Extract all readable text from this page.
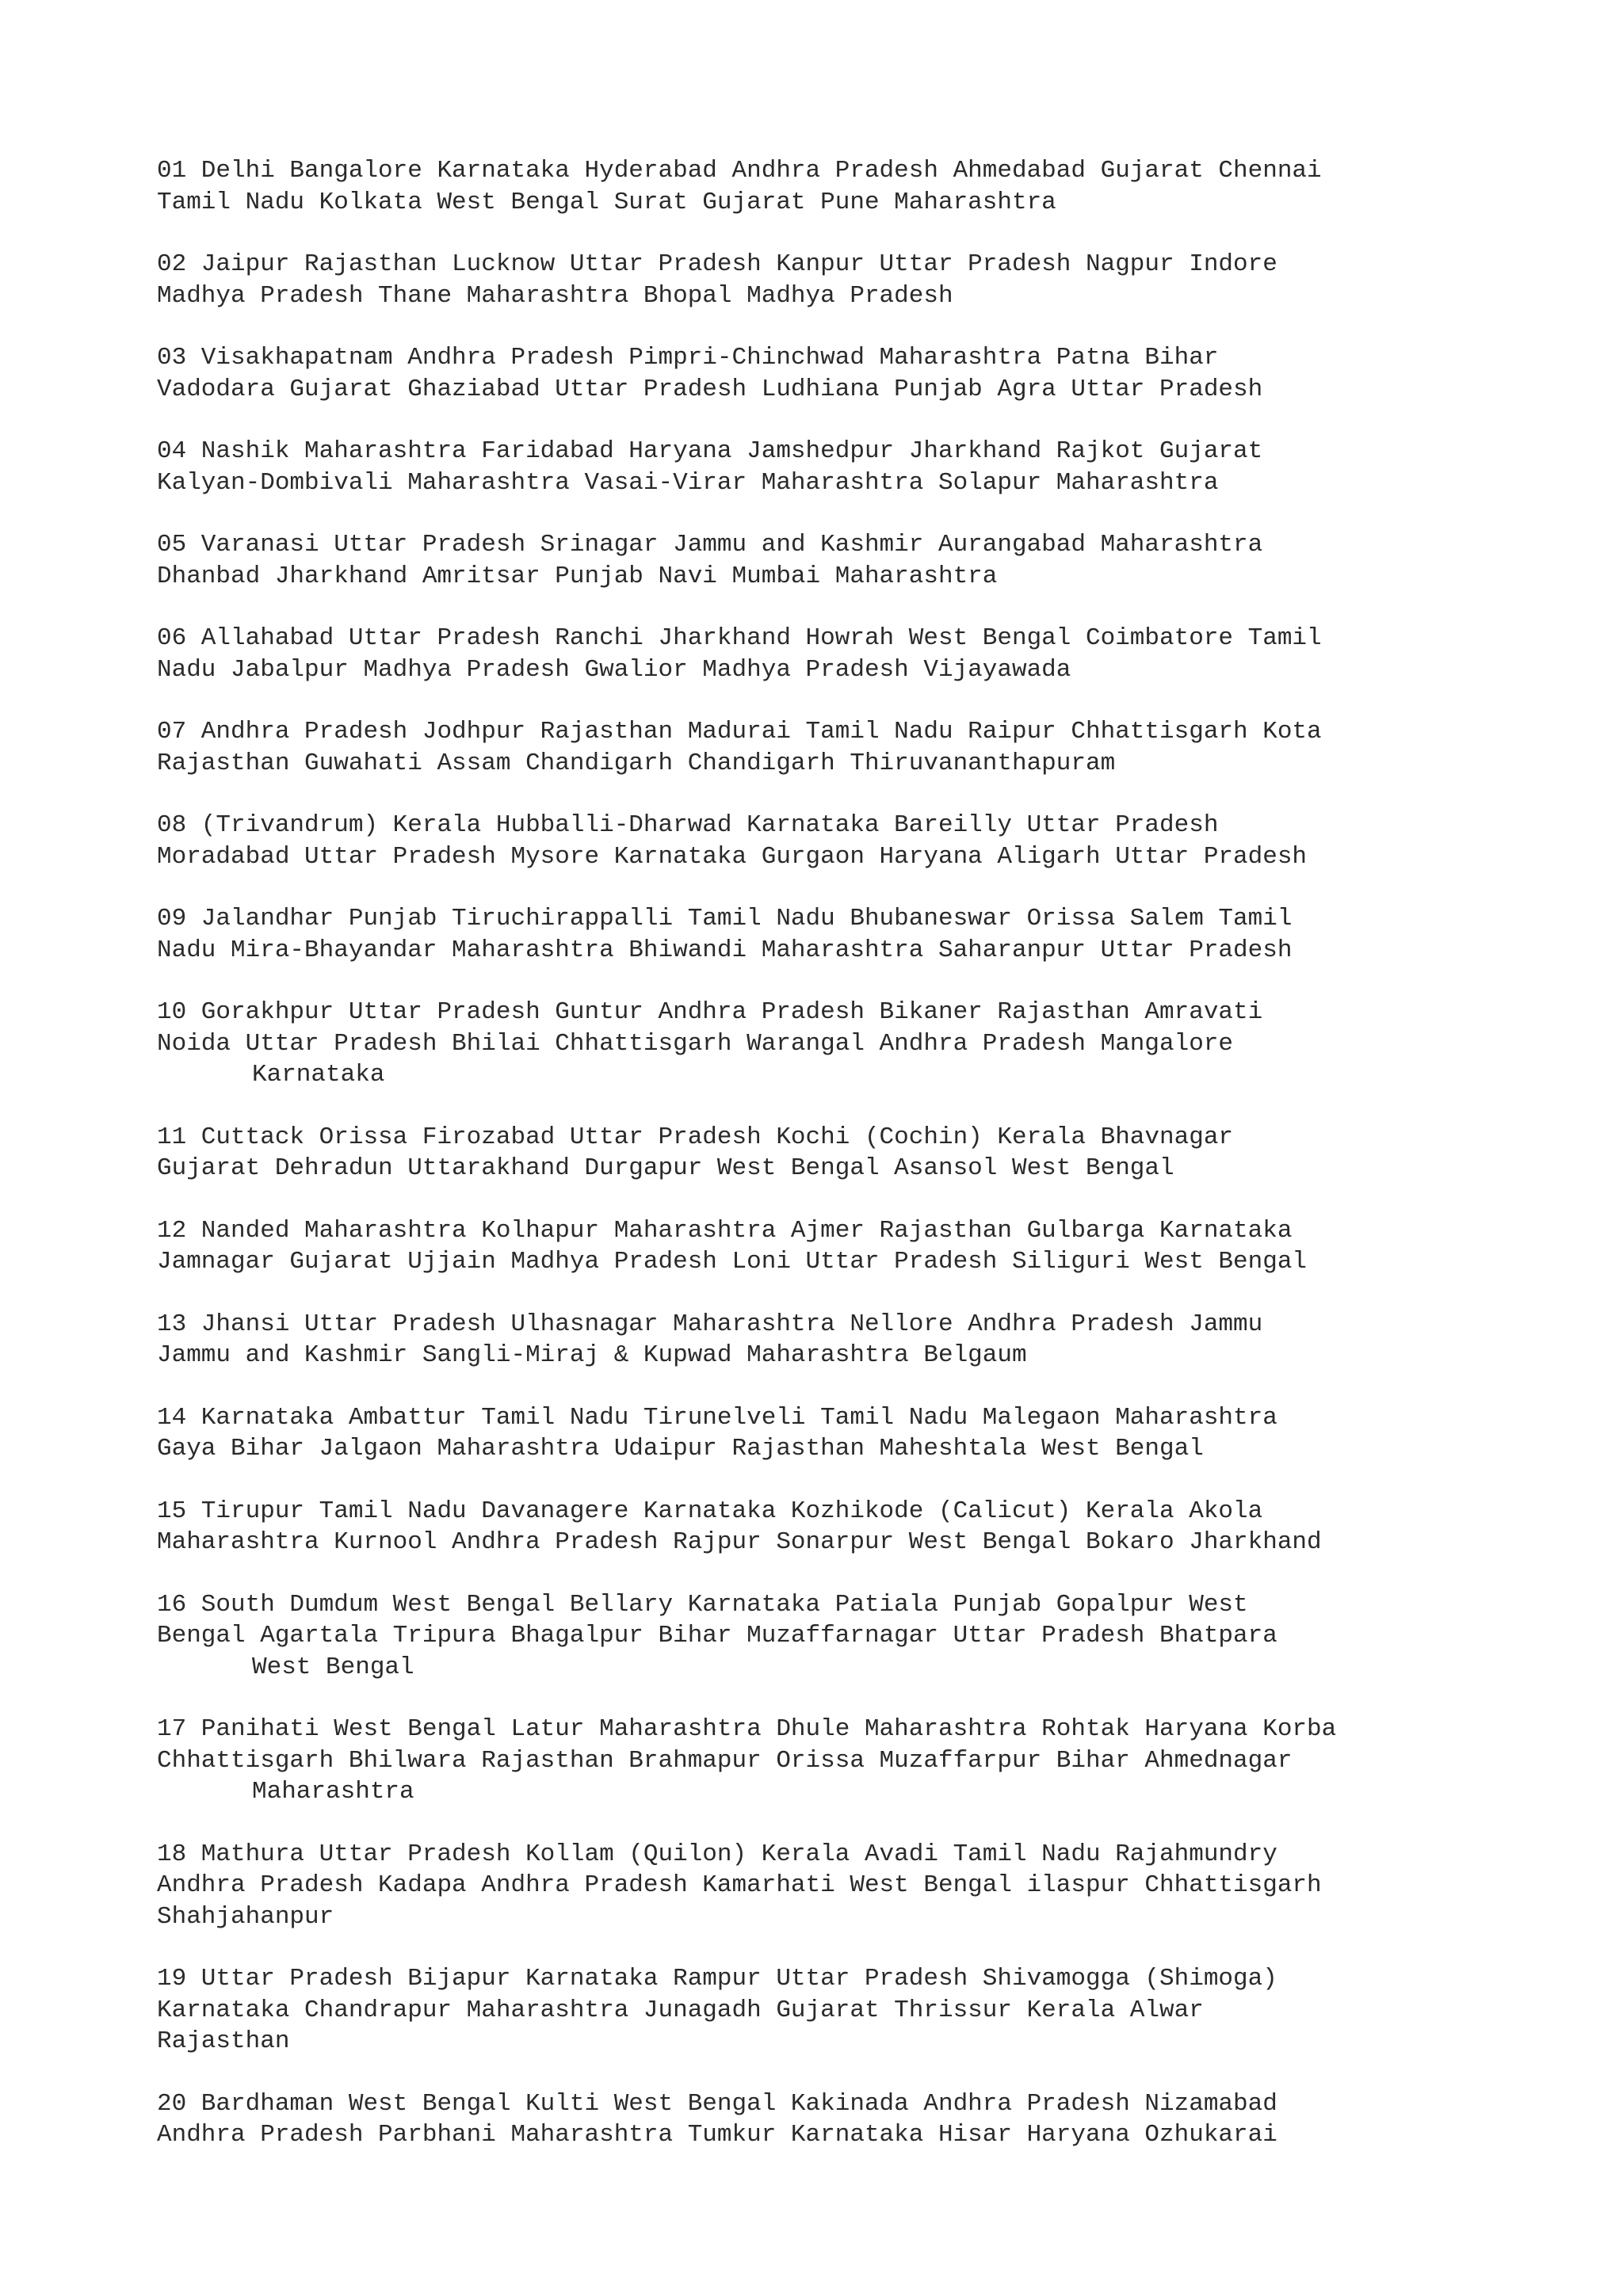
01 Delhi Bangalore Karnataka Hyderabad Andhra Pradesh Ahmedabad Gujarat Chennai
Tamil Nadu Kolkata West Bengal Surat Gujarat Pune Maharashtra
02 Jaipur Rajasthan Lucknow Uttar Pradesh Kanpur Uttar Pradesh Nagpur Indore
Madhya Pradesh Thane Maharashtra Bhopal Madhya Pradesh
03 Visakhapatnam Andhra Pradesh Pimpri-Chinchwad Maharashtra Patna Bihar
Vadodara Gujarat Ghaziabad Uttar Pradesh Ludhiana Punjab Agra Uttar Pradesh
04 Nashik Maharashtra Faridabad Haryana Jamshedpur Jharkhand Rajkot Gujarat
Kalyan-Dombivali Maharashtra Vasai-Virar Maharashtra Solapur Maharashtra
05 Varanasi Uttar Pradesh Srinagar Jammu and Kashmir Aurangabad Maharashtra
Dhanbad Jharkhand Amritsar Punjab Navi Mumbai Maharashtra
06 Allahabad Uttar Pradesh Ranchi Jharkhand Howrah West Bengal Coimbatore Tamil
Nadu Jabalpur Madhya Pradesh Gwalior Madhya Pradesh Vijayawada
07 Andhra Pradesh Jodhpur Rajasthan Madurai Tamil Nadu Raipur Chhattisgarh Kota
Rajasthan Guwahati Assam Chandigarh Chandigarh Thiruvananthapuram
08 (Trivandrum) Kerala Hubballi-Dharwad Karnataka Bareilly Uttar Pradesh
Moradabad Uttar Pradesh Mysore Karnataka Gurgaon Haryana Aligarh Uttar Pradesh
09 Jalandhar Punjab Tiruchirappalli Tamil Nadu Bhubaneswar Orissa Salem Tamil
Nadu Mira-Bhayandar Maharashtra Bhiwandi Maharashtra Saharanpur Uttar Pradesh
10 Gorakhpur Uttar Pradesh Guntur Andhra Pradesh Bikaner Rajasthan Amravati
Noida Uttar Pradesh Bhilai Chhattisgarh Warangal Andhra Pradesh Mangalore
Karnataka
11 Cuttack Orissa Firozabad Uttar Pradesh Kochi (Cochin) Kerala Bhavnagar
Gujarat Dehradun Uttarakhand Durgapur West Bengal Asansol West Bengal
12 Nanded Maharashtra Kolhapur Maharashtra Ajmer Rajasthan Gulbarga Karnataka
Jamnagar Gujarat Ujjain Madhya Pradesh Loni Uttar Pradesh Siliguri West Bengal
13 Jhansi Uttar Pradesh Ulhasnagar Maharashtra Nellore Andhra Pradesh Jammu
Jammu and Kashmir Sangli-Miraj & Kupwad Maharashtra Belgaum
14 Karnataka Ambattur Tamil Nadu Tirunelveli Tamil Nadu Malegaon Maharashtra
Gaya Bihar Jalgaon Maharashtra Udaipur Rajasthan Maheshtala West Bengal
15 Tirupur Tamil Nadu Davanagere Karnataka Kozhikode (Calicut) Kerala Akola
Maharashtra Kurnool Andhra Pradesh Rajpur Sonarpur West Bengal Bokaro Jharkhand
16 South Dumdum West Bengal Bellary Karnataka Patiala Punjab Gopalpur West
Bengal Agartala Tripura Bhagalpur Bihar Muzaffarnagar Uttar Pradesh Bhatpara
West Bengal
17 Panihati West Bengal Latur Maharashtra Dhule Maharashtra Rohtak Haryana Korba
Chhattisgarh Bhilwara Rajasthan Brahmapur Orissa Muzaffarpur Bihar Ahmednagar
Maharashtra
18 Mathura Uttar Pradesh Kollam (Quilon) Kerala Avadi Tamil Nadu Rajahmundry
Andhra Pradesh Kadapa Andhra Pradesh Kamarhati West Bengal ilaspur Chhattisgarh
Shahjahanpur
19 Uttar Pradesh Bijapur Karnataka Rampur Uttar Pradesh Shivamogga (Shimoga)
Karnataka Chandrapur Maharashtra Junagadh Gujarat Thrissur Kerala Alwar
Rajasthan
20 Bardhaman West Bengal Kulti West Bengal Kakinada Andhra Pradesh Nizamabad
Andhra Pradesh Parbhani Maharashtra Tumkur Karnataka Hisar Haryana Ozhukarai
